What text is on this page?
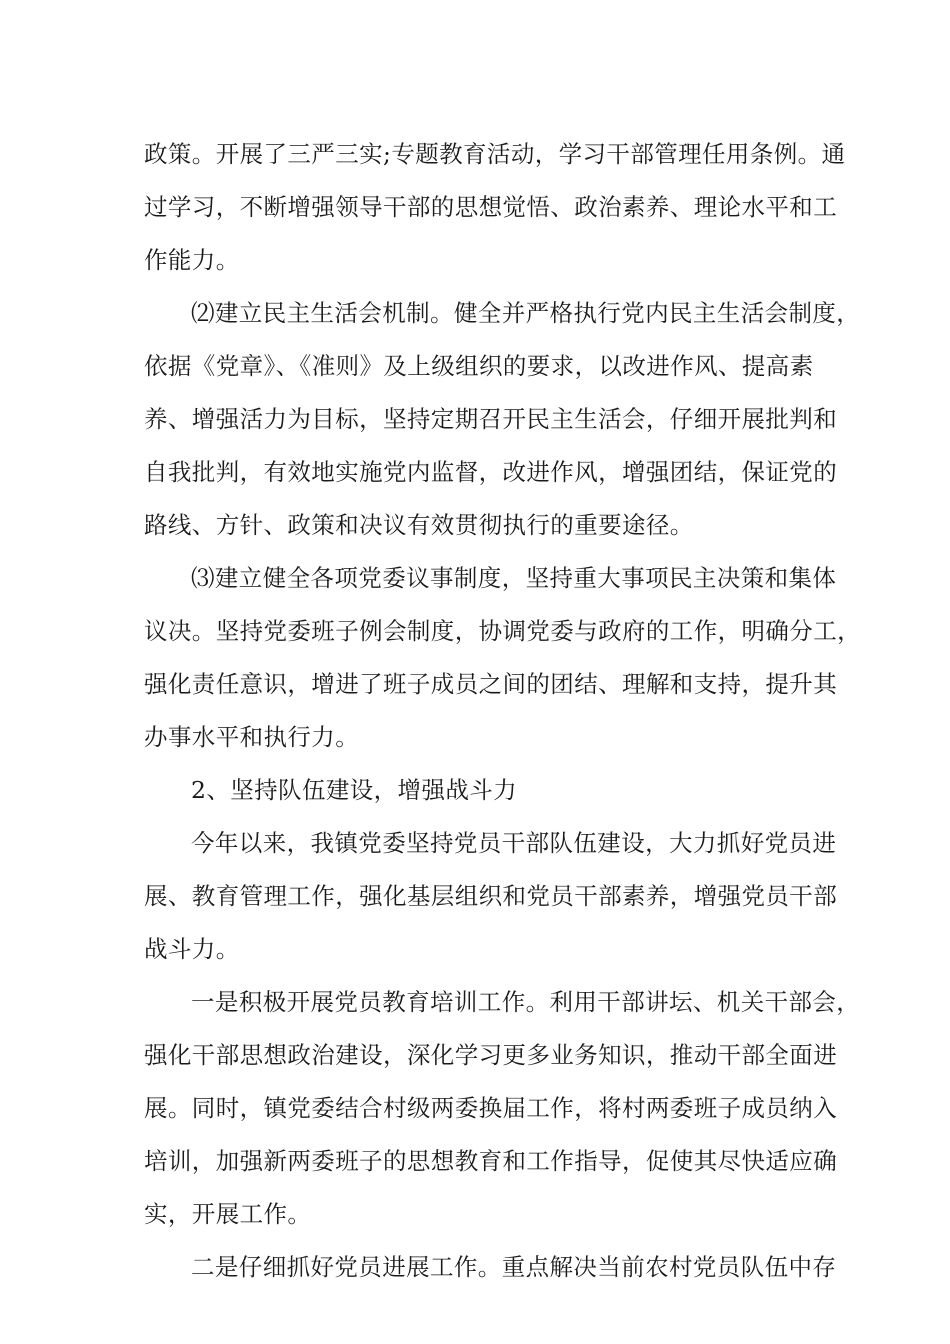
政策。开展了三严三实;专题教育活动，学习干部管理任用条例。通
过学习，不断增强领导干部的思想觉悟、政治素养、理论水平和工
作能力。
⑵建立民主生活会机制。健全并严格执行党内民主生活会制度，
依据《党章》、《准则》及上级组织的要求，以改进作风、提高素
养、增强活力为目标，坚持定期召开民主生活会，仔细开展批判和
自我批判，有效地实施党内监督，改进作风，增强团结，保证党的
路线、方针、政策和决议有效贯彻执行的重要途径。
⑶建立健全各项党委议事制度，坚持重大事项民主决策和集体
议决。坚持党委班子例会制度，协调党委与政府的工作，明确分工，
强化责任意识，增进了班子成员之间的团结、理解和支持，提升其
办事水平和执行力。
2、坚持队伍建设，增强战斗力
今年以来，我镇党委坚持党员干部队伍建设，大力抓好党员进
展、教育管理工作，强化基层组织和党员干部素养，增强党员干部
战斗力。
一是积极开展党员教育培训工作。利用干部讲坛、机关干部会，
强化干部思想政治建设，深化学习更多业务知识，推动干部全面进
展。同时，镇党委结合村级两委换届工作，将村两委班子成员纳入
培训，加强新两委班子的思想教育和工作指导，促使其尽快适应确
实，开展工作。
二是仔细抓好党员进展工作。重点解决当前农村党员队伍中存
